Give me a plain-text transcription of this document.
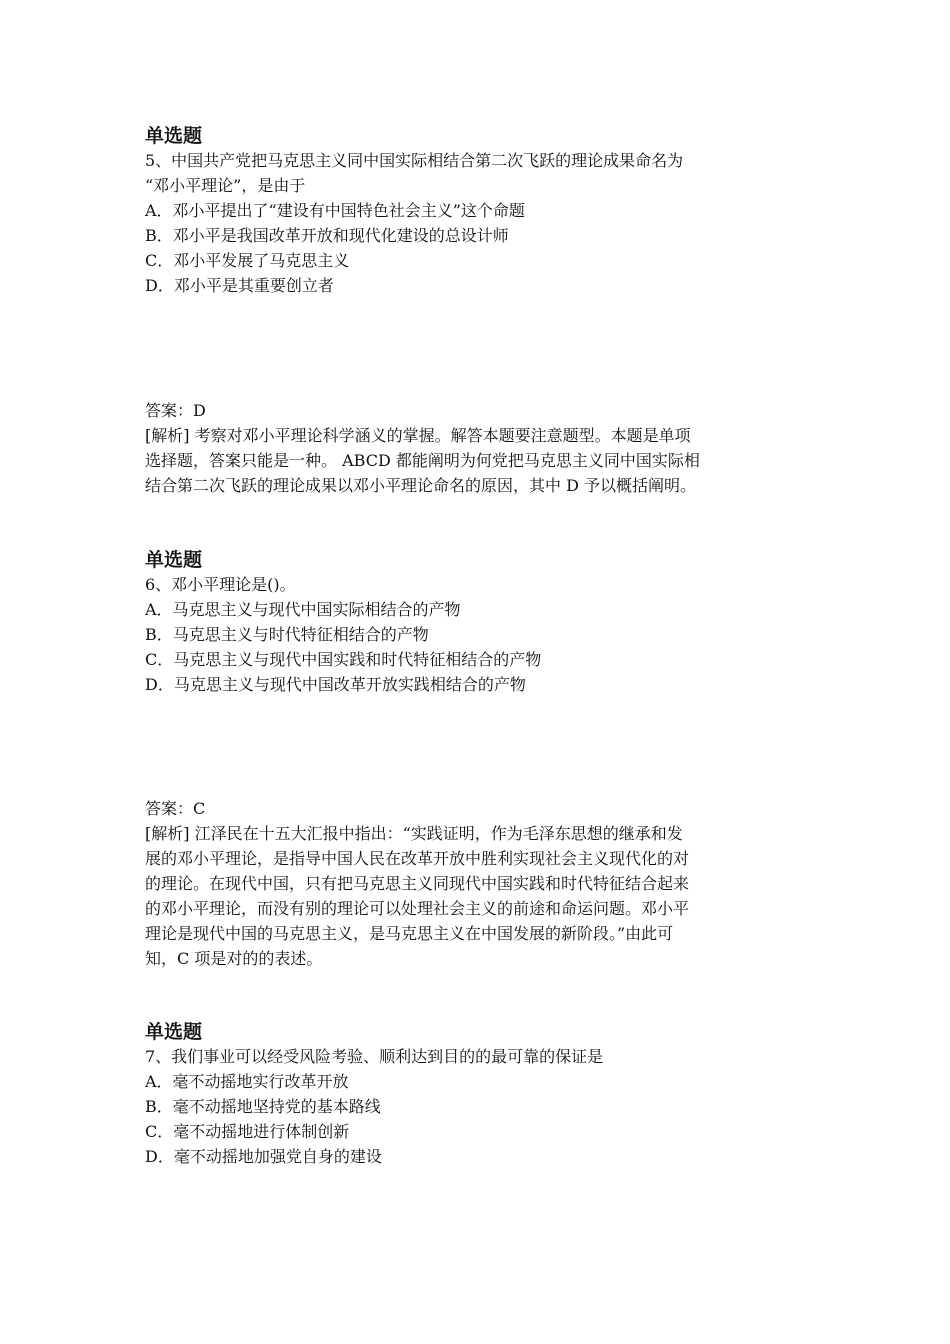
单选题
5、中国共产党把马克思主义同中国实际相结合第二次飞跃的理论成果命名为
“邓小平理论”，是由于
A．邓小平提出了“建设有中国特色社会主义”这个命题
B．邓小平是我国改革开放和现代化建设的总设计师
C．邓小平发展了马克思主义
D．邓小平是其重要创立者
答案：D
[解析] 考察对邓小平理论科学涵义的掌握。解答本题要注意题型。本题是单项
选择题，答案只能是一种。 ABCD 都能阐明为何党把马克思主义同中国实际相
结合第二次飞跃的理论成果以邓小平理论命名的原因，其中 D 予以概括阐明。
单选题
6、邓小平理论是()。
A．马克思主义与现代中国实际相结合的产物
B．马克思主义与时代特征相结合的产物
C．马克思主义与现代中国实践和时代特征相结合的产物
D．马克思主义与现代中国改革开放实践相结合的产物
答案：C
[解析] 江泽民在十五大汇报中指出：“实践证明，作为毛泽东思想的继承和发
展的邓小平理论，是指导中国人民在改革开放中胜利实现社会主义现代化的对
的理论。在现代中国，只有把马克思主义同现代中国实践和时代特征结合起来
的邓小平理论，而没有别的理论可以处理社会主义的前途和命运问题。邓小平
理论是现代中国的马克思主义，是马克思主义在中国发展的新阶段。”由此可
知，C 项是对的的表述。
单选题
7、我们事业可以经受风险考验、顺利达到目的的最可靠的保证是
A．毫不动摇地实行改革开放
B．毫不动摇地坚持党的基本路线
C．毫不动摇地进行体制创新
D．毫不动摇地加强党自身的建设
